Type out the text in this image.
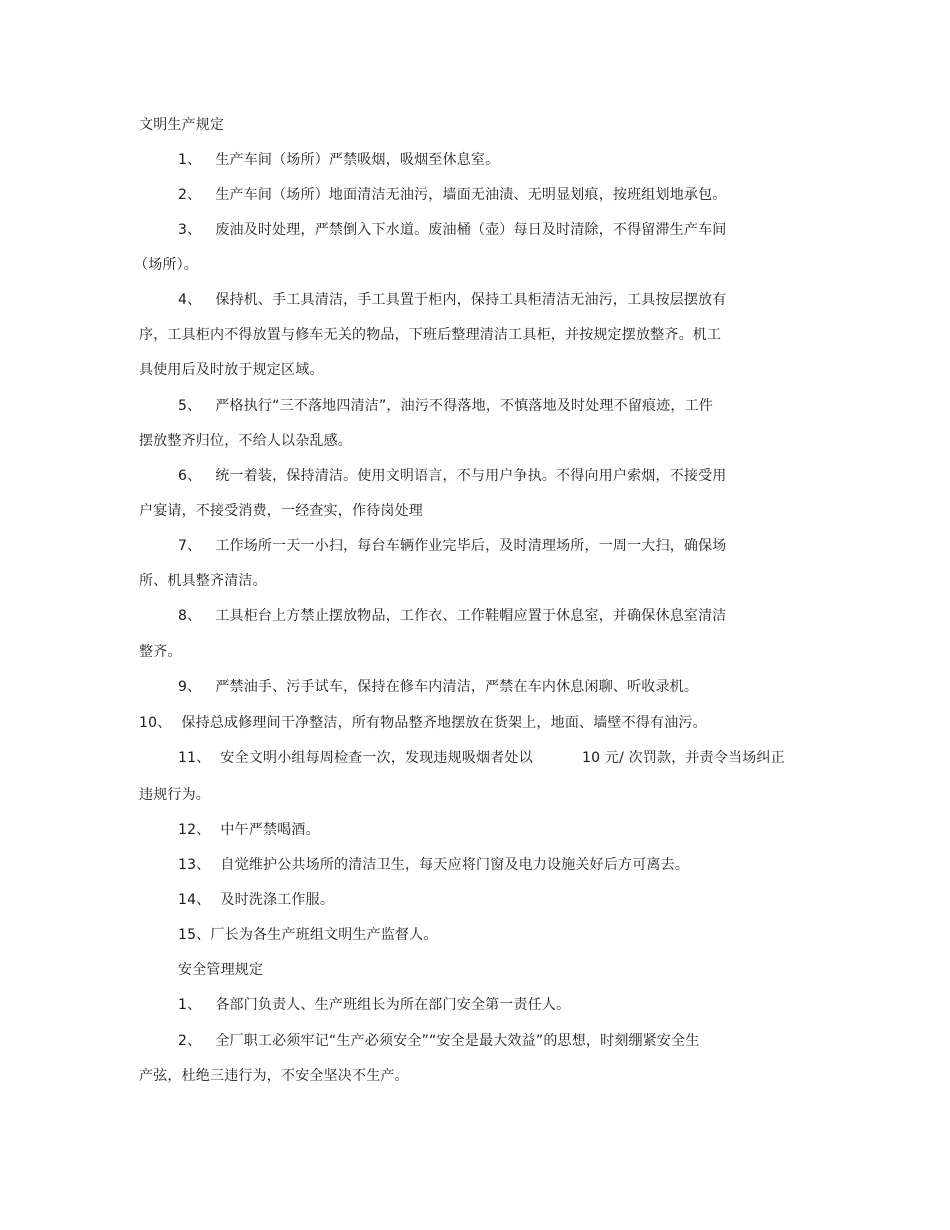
文明生产规定
1、 生产车间（场所）严禁吸烟，吸烟至休息室。
2、 生产车间（场所）地面清洁无油污，墙面无油渍、无明显划痕，按班组划地承包。
3、 废油及时处理，严禁倒入下水道。废油桶（壶）每日及时清除，不得留滞生产车间
（场所）。
4、 保持机、手工具清洁，手工具置于柜内，保持工具柜清洁无油污，工具按层摆放有
序，工具柜内不得放置与修车无关的物品，下班后整理清洁工具柜，并按规定摆放整齐。机工
具使用后及时放于规定区域。
5、 严格执行“三不落地四清洁”，油污不得落地，不慎落地及时处理不留痕迹，工件
摆放整齐归位，不给人以杂乱感。
6、 统一着装，保持清洁。使用文明语言，不与用户争执。不得向用户索烟，不接受用
户宴请，不接受消费，一经查实，作待岗处理
7、 工作场所一天一小扫，每台车辆作业完毕后，及时清理场所，一周一大扫，确保场
所、机具整齐清洁。
8、 工具柜台上方禁止摆放物品，工作衣、工作鞋帽应置于休息室，并确保休息室清洁
整齐。
9、 严禁油手、污手试车，保持在修车内清洁，严禁在车内休息闲聊、听收录机。
10、 保持总成修理间干净整洁，所有物品整齐地摆放在货架上，地面、墙壁不得有油污。
11、 安全文明小组每周检查一次，发现违规吸烟者处以	10 元/ 次罚款，并责令当场纠正
违规行为。
12、 中午严禁喝酒。
13、 自觉维护公共场所的清洁卫生，每天应将门窗及电力设施关好后方可离去。
14、 及时洗涤工作服。
15、厂长为各生产班组文明生产监督人。
安全管理规定
1、 各部门负责人、生产班组长为所在部门安全第一责任人。
2、 全厂职工必须牢记“生产必须安全”“安全是最大效益”的思想，时刻绷紧安全生
产弦，杜绝三违行为，不安全坚决不生产。
